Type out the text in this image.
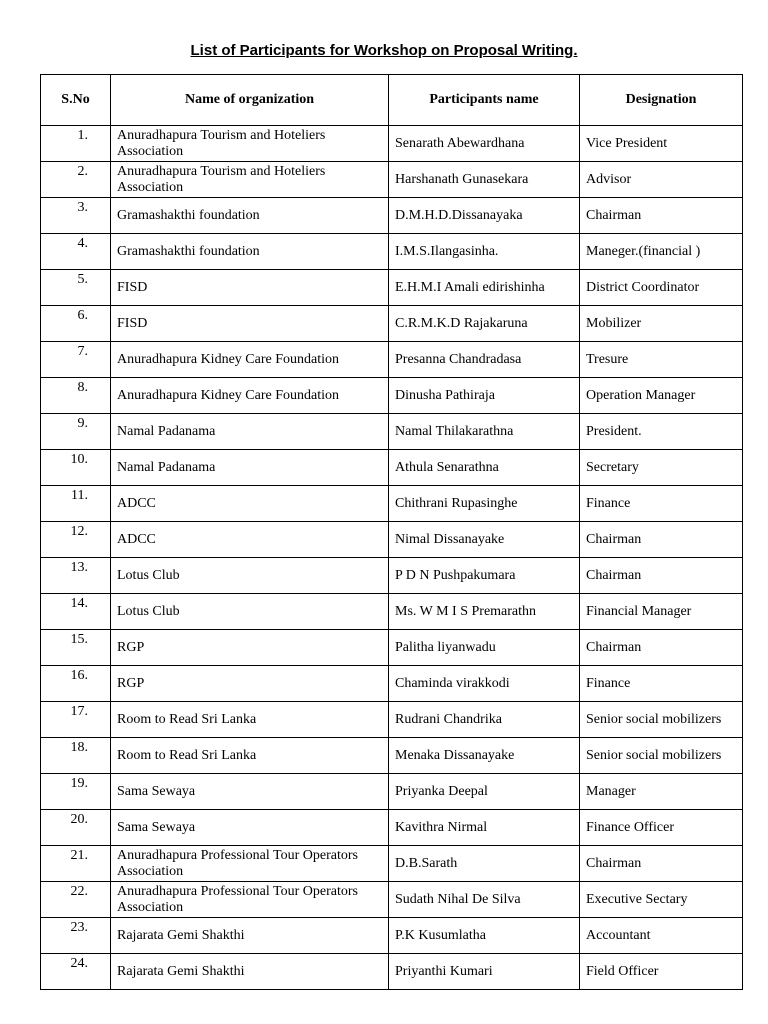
List of Participants for Workshop on Proposal Writing.
S.No	Name of organization	Participants name	Designation
1.	Anuradhapura Tourism and Hoteliers Association	Senarath Abewardhana	Vice President
2.	Anuradhapura Tourism and Hoteliers Association	Harshanath Gunasekara	Advisor
3.	Gramashakthi foundation	D.M.H.D.Dissanayaka	Chairman
4.	Gramashakthi foundation	I.M.S.Ilangasinha.	Maneger.(financial )
5.	FISD	E.H.M.I Amali edirishinha	District Coordinator
6.	FISD	C.R.M.K.D Rajakaruna	Mobilizer
7.	Anuradhapura Kidney Care Foundation	Presanna Chandradasa	Tresure
8.	Anuradhapura Kidney Care Foundation	Dinusha Pathiraja	Operation Manager
9.	Namal Padanama	Namal Thilakarathna	President.
10.	Namal Padanama	Athula Senarathna	Secretary
11.	ADCC	Chithrani Rupasinghe	Finance
12.	ADCC	Nimal Dissanayake	Chairman
13.	Lotus Club	P D N Pushpakumara	Chairman
14.	Lotus Club	Ms. W M I S Premarathn	Financial Manager
15.	RGP	Palitha liyanwadu	Chairman
16.	RGP	Chaminda virakkodi	Finance
17.	Room to Read Sri Lanka	Rudrani Chandrika	Senior social mobilizers
18.	Room to Read Sri Lanka	Menaka Dissanayake	Senior social mobilizers
19.	Sama Sewaya	Priyanka Deepal	Manager
20.	Sama Sewaya	Kavithra Nirmal	Finance Officer
21.	Anuradhapura Professional Tour Operators Association	D.B.Sarath	Chairman
22.	Anuradhapura Professional Tour Operators Association	Sudath Nihal De Silva	Executive Sectary
23.	Rajarata Gemi Shakthi	P.K Kusumlatha	Accountant
24.	Rajarata Gemi Shakthi	Priyanthi Kumari	Field Officer
